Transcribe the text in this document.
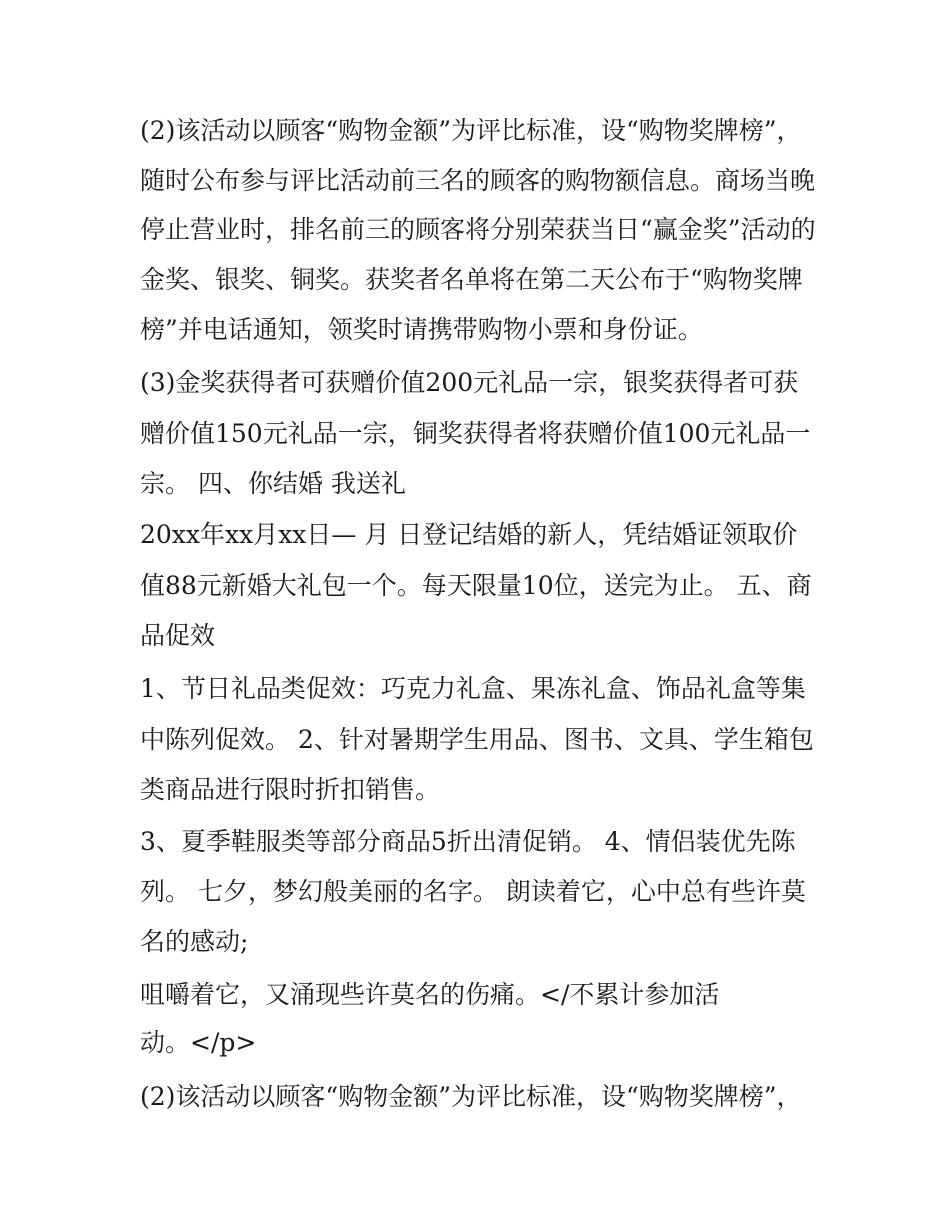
(2)该活动以顾客“购物金额”为评比标准，设“购物奖牌榜”，
随时公布参与评比活动前三名的顾客的购物额信息。商场当晚
停止营业时，排名前三的顾客将分别荣获当日“赢金奖”活动的
金奖、银奖、铜奖。获奖者名单将在第二天公布于“购物奖牌
榜”并电话通知，领奖时请携带购物小票和身份证。
(3)金奖获得者可获赠价值200元礼品一宗，银奖获得者可获
赠价值150元礼品一宗，铜奖获得者将获赠价值100元礼品一
宗。 四、你结婚 我送礼
20xx年xx月xx日— 月 日登记结婚的新人，凭结婚证领取价
值88元新婚大礼包一个。每天限量10位，送完为止。 五、商
品促效
1、节日礼品类促效：巧克力礼盒、果冻礼盒、饰品礼盒等集
中陈列促效。 2、针对暑期学生用品、图书、文具、学生箱包
类商品进行限时折扣销售。
3、夏季鞋服类等部分商品5折出清促销。 4、情侣装优先陈
列。 七夕，梦幻般美丽的名字。 朗读着它，心中总有些许莫
名的感动;
咀嚼着它，又涌现些许莫名的伤痛。</不累计参加活
动。</p>
(2)该活动以顾客“购物金额”为评比标准，设“购物奖牌榜”，
